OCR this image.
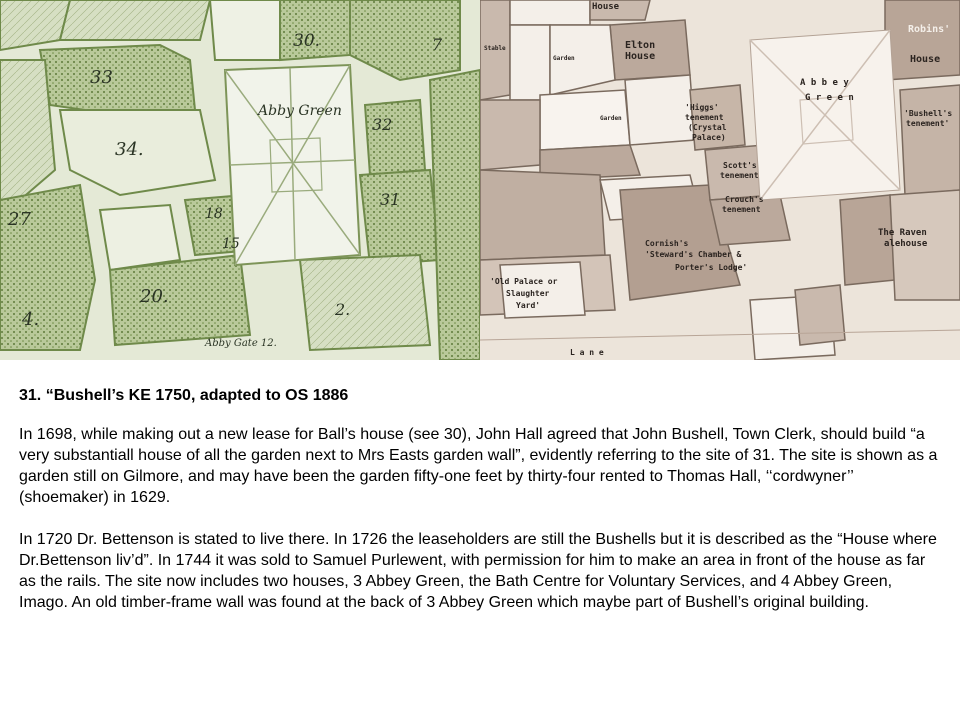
30.
33
34.
27
4.
20.
18
15
32
31
2.
7
Abby Green
Abby Gate 12.
House
Elton
House
Robins'
House
A b b e y
G r e e n
'Higgs'
tenement
(Crystal
Palace)
'Bushell's
tenement'
Scott's
tenement
Crouch's
tenement
The Raven
alehouse
Cornish's
'Steward's Chamber &
Porter's Lodge'
'Old Palace or
Slaughter
Yard'
L a n e
Garden
Garden
Stable
31. “Bushell’s KE 1750, adapted to OS 1886

In 1698, while making out a new lease for Ball’s house (see 30), John Hall agreed that John Bushell, Town Clerk, should build “a very substantiall house of all the garden next to Mrs Easts garden wall”, evidently referring to the site of 31. The site is shown as a garden still on Gilmore, and may have been the garden fifty-one feet by thirty-four rented to Thomas Hall, ‘‘cordwyner’’ (shoemaker) in 1629.

In 1720 Dr. Bettenson is stated to live there. In 1726 the leaseholders are still the Bushells but it is described as the “House where Dr.Bettenson liv’d”. In 1744 it was sold to Samuel Purlewent, with permission for him to make an area in front of the house as far as the rails. The site now includes two houses, 3 Abbey Green, the Bath Centre for Voluntary Services, and 4 Abbey Green, Imago. An old timber-frame wall was found at the back of 3 Abbey Green which maybe part of Bushell’s original building.
